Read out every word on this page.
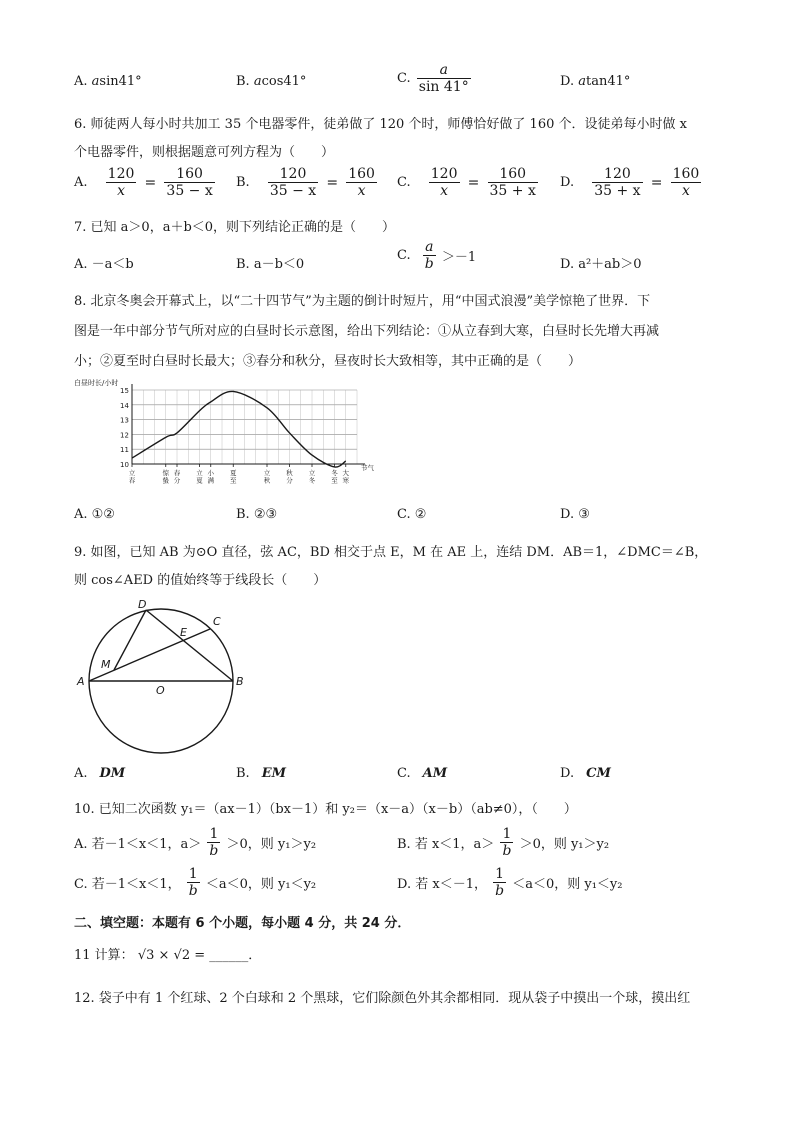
A. asin41°	B. acos41°	C. $\frac{a}{\sin 41^\circ}$	D. atan41°
6. 师徒两人每小时共加工 35 个电器零件，徒弟做了 120 个时，师傅恰好做了 160 个．设徒弟每小时做 x
个电器零件，则根据题意可列方程为（　　）
A. $\frac{120}{x} = \frac{160}{35 - x} B$. $\frac{120}{35 - x} = \frac{160}{x} C$. $\frac{120}{x} = \frac{160}{35 + x} D$. $\frac{120}{35 + x} = \frac{160}{x}$
7. 已知 a＞0，a＋b＜0，则下列结论正确的是（　　）
A. －a＜b	B. a－b＜0
C. $\frac{a}{b} >-1$	D. a²＋ab＞0
8. 北京冬奥会开幕式上，以“二十四节气”为主题的倒计时短片，用“中国式浪漫”美学惊艳了世界．下
图是一年中部分节气所对应的白昼时长示意图，给出下列结论：①从立春到大寒，白昼时长先增大再减
小；②夏至时白昼时长最大；③春分和秋分，昼夜时长大致相等，其中正确的是（　　）
白昼时长/小时
10
11
12
13
14
15
立春
惊蛰
春分
立夏
小满
夏至
立秋
秋分
立冬
冬至
大寒
节气
A. ①②	B. ②③	C. ②	D. ③
9. 如图，已知 AB 为⊙O 直径，弦 AC，BD 相交于点 E，M 在 AE 上，连结 DM．AB＝1，∠DMC＝∠B，
则 cos∠AED 的值始终等于线段长（　　）
D
C
E
M
A	B
O
A. DM	B. EM	C. AM	D. CM
10. 已知二次函数 y₁＝（ax－1）（bx－1）和 y₂＝（x－a）（x－b）（ab≠0），（　　）
A. 若－1＜x＜1，$a> \frac{1}{b} >0$，则 y₁＞y₂	B. 若 x＜1，$a> \frac{1}{b} >0$，则 y₁＞y₂
C. 若－1＜x＜1， $\frac{1}{b} <a<0$，则 y₁＜y₂	D. 若 x＜－1， $\frac{1}{b} <a<0$，则 y₁＜y₂
二、填空题：本题有 6 个小题，每小题 4 分，共 24 分．
11 计算： √3 × √2 = ______．
12. 袋子中有 1 个红球、2 个白球和 2 个黑球，它们除颜色外其余都相同．现从袋子中摸出一个球，摸出红
